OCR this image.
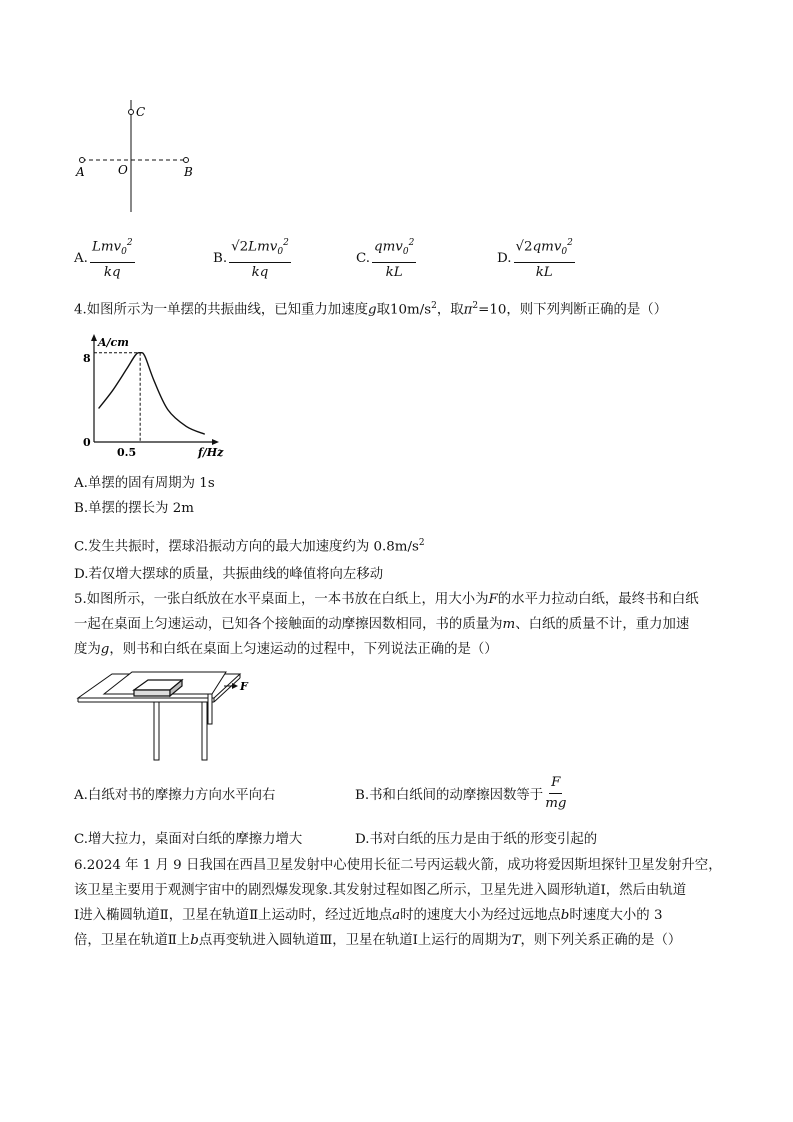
C
A	O	B
A. $\frac{Lmv_0^2}{kq}$	B. $\frac{√2Lmv_0^2}{kq}$	C. $\frac{qmv_0^2}{kL}$	D. $\frac{√2qmv_0^2}{kL}$
4.如图所示为一单摆的共振曲线，已知重力加速度g取$10m/s^2$，取$\pi^2=10$，则下列判断正确的是（）
A/cm
f/Hz
8
0
0.5
A.单摆的固有周期为 1s
B.单摆的摆长为 2m
C.发生共振时，摆球沿振动方向的最大加速度约为 $0.8m/s^2$
D.若仅增大摆球的质量，共振曲线的峰值将向左移动
5.如图所示，一张白纸放在水平桌面上，一本书放在白纸上，用大小为F的水平力拉动白纸，最终书和白纸
一起在桌面上匀速运动，已知各个接触面的动摩擦因数相同，书的质量为m、白纸的质量不计，重力加速
度为g，则书和白纸在桌面上匀速运动的过程中，下列说法正确的是（）
F
A.白纸对书的摩擦力方向水平向右	B.书和白纸间的动摩擦因数等于 $\frac{F}{mg}$
C.增大拉力，桌面对白纸的摩擦力增大	D.书对白纸的压力是由于纸的形变引起的
6.2024 年 1 月 9 日我国在西昌卫星发射中心使用长征二号丙运载火箭，成功将爱因斯坦探针卫星发射升空，
该卫星主要用于观测宇宙中的剧烈爆发现象.其发射过程如图乙所示，卫星先进入圆形轨道Ⅰ，然后由轨道
Ⅰ进入椭圆轨道Ⅱ，卫星在轨道Ⅱ上运动时，经过近地点a时的速度大小为经过远地点b时速度大小的 3
倍，卫星在轨道Ⅱ上b点再变轨进入圆轨道Ⅲ，卫星在轨道Ⅰ上运行的周期为T，则下列关系正确的是（）
